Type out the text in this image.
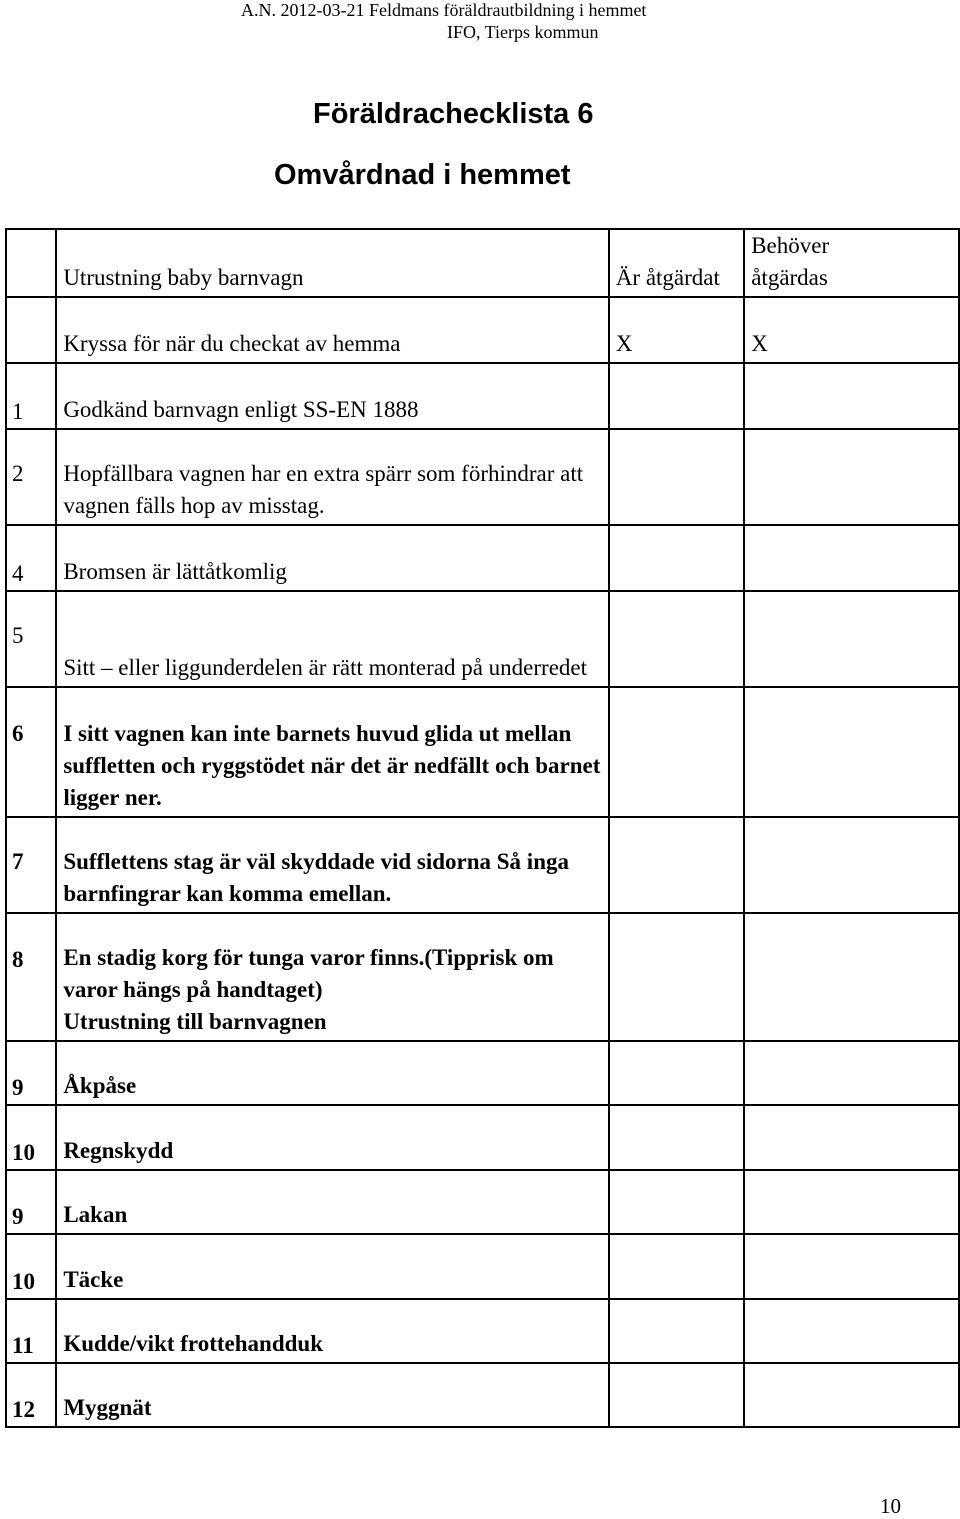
A.N. 2012-03-21 Feldmans föräldrautbildning i hemmet
IFO, Tierps kommun
Föräldrachecklista 6
Omvårdnad i hemmet

	Utrustning baby barnvagn	Är åtgärdat	Behöver åtgärdas

	Kryssa för när du checkat av hemma	X	X

1	Godkänd barnvagn enligt SS-EN 1888		

2	Hopfällbara vagnen har en extra spärr som förhindrar att vagnen fälls hop av misstag.		

4	Bromsen är lättåtkomlig		

5	Sitt – eller liggunderdelen är rätt monterad på underredet		

6	I sitt vagnen kan inte barnets huvud glida ut mellan suffletten och ryggstödet när det är nedfällt och barnet ligger ner.		

7	Sufflettens stag är väl skyddade vid sidorna Så inga barnfingrar kan komma emellan.		

8	En stadig korg för tunga varor finns.(Tipprisk om varor hängs på handtaget)
Utrustning till barnvagnen		

9	Åkpåse		

10	Regnskydd		

9	Lakan		

10	Täcke		

11	Kudde/vikt frottehandduk		

12	Myggnät		

10
